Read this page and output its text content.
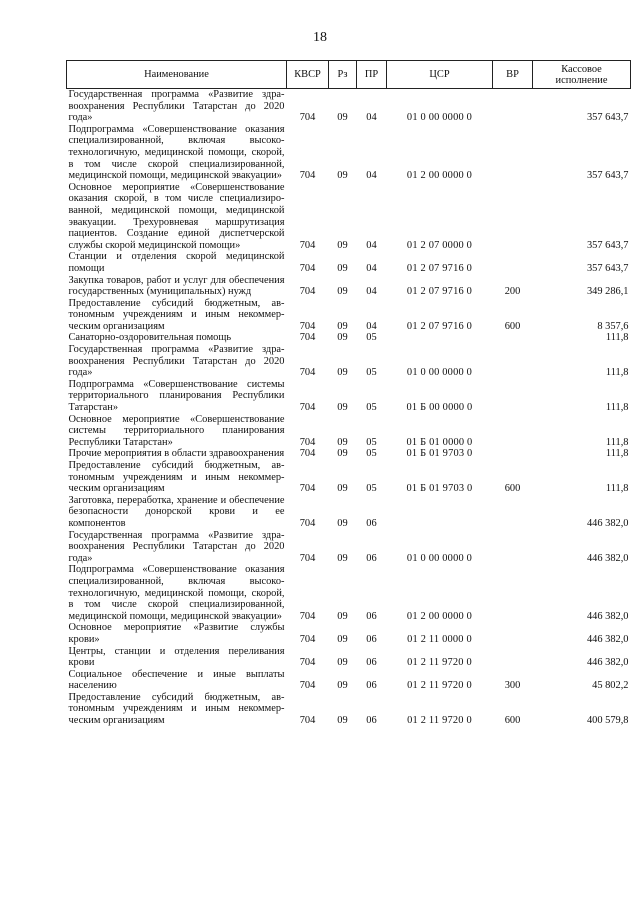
18
Наименование	КВСР	Рз	ПР	ЦСР	ВР	Кассовое исполнение
Государственная программа «Развитие здравоохранения Республики Татарстан до 2020 года»	704	09	04	01 0 00 0000 0		357 643,7
Подпрограмма «Совершенствование оказания специализированной, включая высокотехнологичную, медицинской помощи, скорой, в том числе скорой специализированной, медицинской помощи, медицинской эвакуации»	704	09	04	01 2 00 0000 0		357 643,7
Основное мероприятие «Совершенствование оказания скорой, в том числе специализированной, медицинской помощи, медицинской эвакуации. Трехуровневая маршрутизация пациентов. Создание единой диспетчерской службы скорой медицинской помощи»	704	09	04	01 2 07 0000 0		357 643,7
Станции и отделения скорой медицинской помощи	704	09	04	01 2 07 9716 0		357 643,7
Закупка товаров, работ и услуг для обеспечения государственных (муниципальных) нужд	704	09	04	01 2 07 9716 0	200	349 286,1
Предоставление субсидий бюджетным, автономным учреждениям и иным некоммерческим организациям	704	09	04	01 2 07 9716 0	600	8 357,6
Санаторно-оздоровительная помощь	704	09	05			111,8
Государственная программа «Развитие здравоохранения Республики Татарстан до 2020 года»	704	09	05	01 0 00 0000 0		111,8
Подпрограмма «Совершенствование системы территориального планирования Республики Татарстан»	704	09	05	01 Б 00 0000 0		111,8
Основное мероприятие «Совершенствование системы территориального планирования Республики Татарстан»	704	09	05	01 Б 01 0000 0		111,8
Прочие мероприятия в области здравоохранения	704	09	05	01 Б 01 9703 0		111,8
Предоставление субсидий бюджетным, автономным учреждениям и иным некоммерческим организациям	704	09	05	01 Б 01 9703 0	600	111,8
Заготовка, переработка, хранение и обеспечение безопасности донорской крови и ее компонентов	704	09	06			446 382,0
Государственная программа «Развитие здравоохранения Республики Татарстан до 2020 года»	704	09	06	01 0 00 0000 0		446 382,0
Подпрограмма «Совершенствование оказания специализированной, включая высокотехнологичную, медицинской помощи, скорой, в том числе скорой специализированной, медицинской помощи, медицинской эвакуации»	704	09	06	01 2 00 0000 0		446 382,0
Основное мероприятие «Развитие службы крови»	704	09	06	01 2 11 0000 0		446 382,0
Центры, станции и отделения переливания крови	704	09	06	01 2 11 9720 0		446 382,0
Социальное обеспечение и иные выплаты населению	704	09	06	01 2 11 9720 0	300	45 802,2
Предоставление субсидий бюджетным, автономным учреждениям и иным некоммерческим организациям	704	09	06	01 2 11 9720 0	600	400 579,8
